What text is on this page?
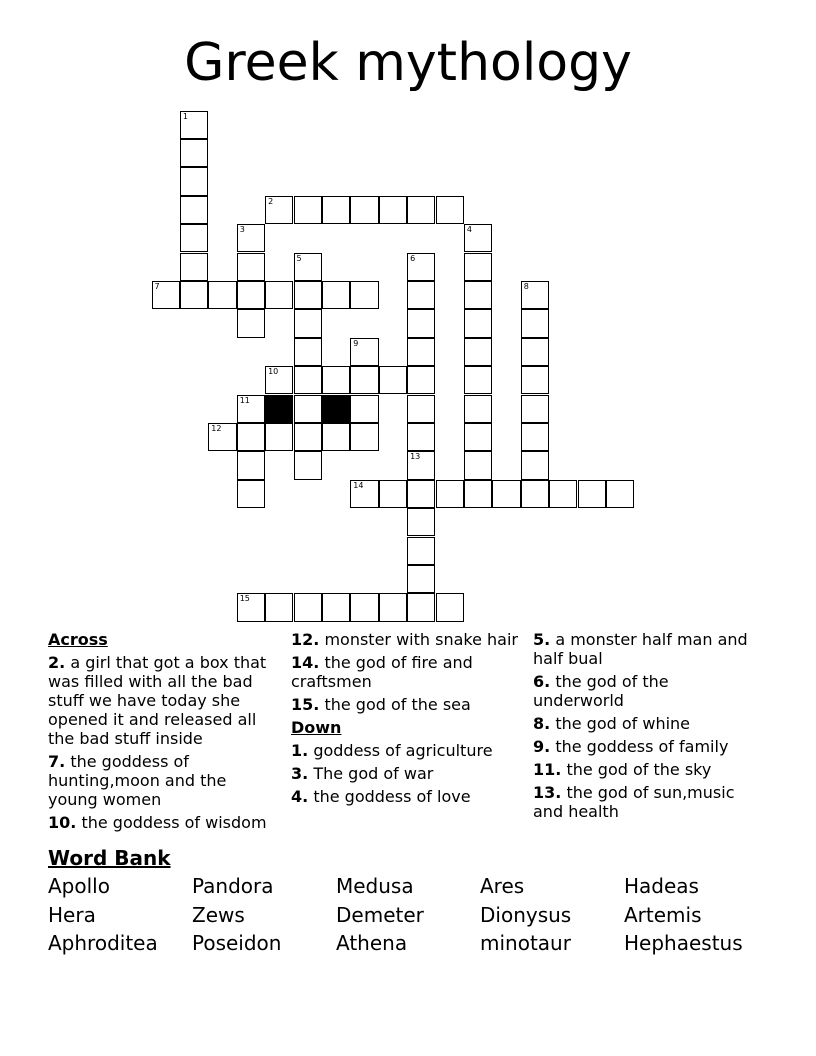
Greek mythology
1
2
3	4
5	6
7	8
9
10
11
12
13
14
15
Across
2. a girl that got a box that was filled with all the bad stuff we have today she opened it and released all the bad stuff inside
7. the goddess of hunting,moon and the young women
10. the goddess of wisdom
12. monster with snake hair
14. the god of fire and craftsmen
15. the god of the sea
Down
1. goddess of agriculture
3. The god of war
4. the goddess of love
5. a monster half man and half bual
6. the god of the underworld
8. the god of whine
9. the goddess of family
11. the god of the sky
13. the god of sun,music and health
Word Bank
Apollo	Pandora	Medusa	Ares	Hadeas
Hera	Zews	Demeter	Dionysus	Artemis
Aphroditea Poseidon	Athena	minotaur	Hephaestus
